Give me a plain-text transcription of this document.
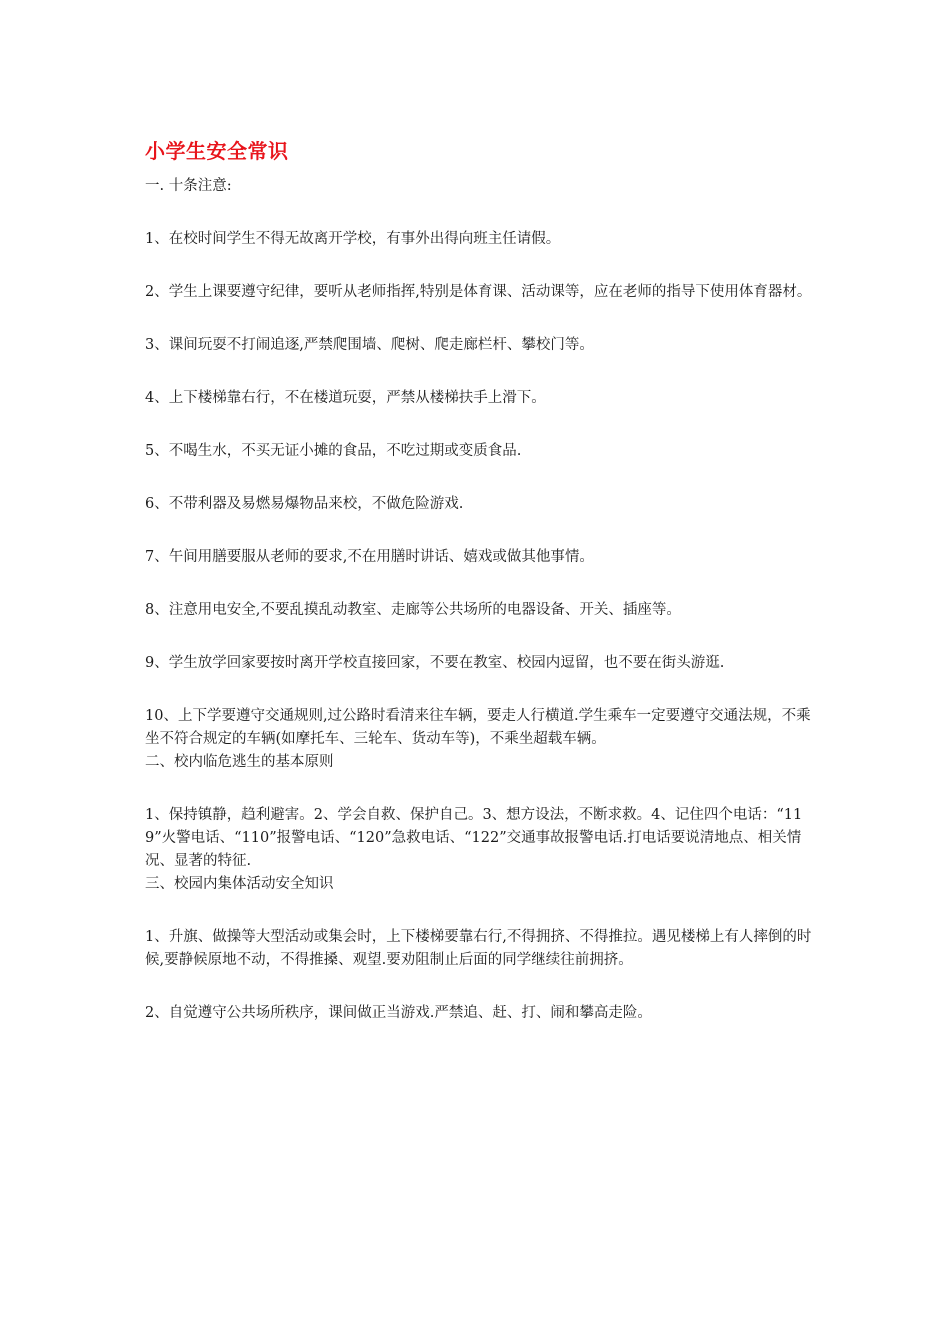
小学生安全常识

一. 十条注意:

1、在校时间学生不得无故离开学校，有事外出得向班主任请假。

2、学生上课要遵守纪律，要听从老师指挥,特别是体育课、活动课等，应在老师的指导下使用体育器材。

3、课间玩耍不打闹追逐,严禁爬围墙、爬树、爬走廊栏杆、攀校门等。

4、上下楼梯靠右行，不在楼道玩耍，严禁从楼梯扶手上滑下。

5、不喝生水，不买无证小摊的食品，不吃过期或变质食品.

6、不带利器及易燃易爆物品来校，不做危险游戏.

7、午间用膳要服从老师的要求,不在用膳时讲话、嬉戏或做其他事情。

8、注意用电安全,不要乱摸乱动教室、走廊等公共场所的电器设备、开关、插座等。

9、学生放学回家要按时离开学校直接回家，不要在教室、校园内逗留，也不要在街头游逛.

10、上下学要遵守交通规则,过公路时看清来往车辆，要走人行横道.学生乘车一定要遵守交通法规，不乘坐不符合规定的车辆(如摩托车、三轮车、货动车等)，不乘坐超载车辆。

二、校内临危逃生的基本原则

1、保持镇静，趋利避害。2、学会自救、保护自己。3、想方设法，不断求救。4、记住四个电话：“119”火警电话、“110”报警电话、“120”急救电话、“122”交通事故报警电话.打电话要说清地点、相关情况、显著的特征.

三、校园内集体活动安全知识

1、升旗、做操等大型活动或集会时，上下楼梯要靠右行,不得拥挤、不得推拉。遇见楼梯上有人摔倒的时候,要静候原地不动，不得推搡、观望.要劝阻制止后面的同学继续往前拥挤。

2、自觉遵守公共场所秩序，课间做正当游戏.严禁追、赶、打、闹和攀高走险。
